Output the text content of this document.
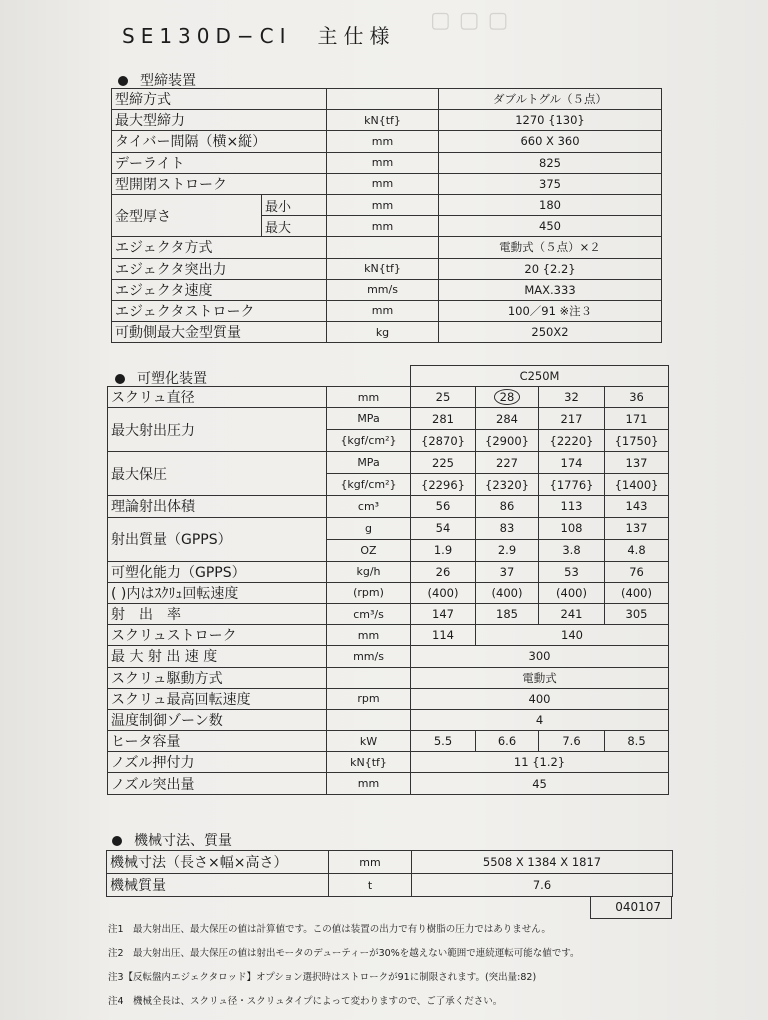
▢▢▢
SE130D−CI　主仕様
型締装置
型締方式			ダブルトグル（５点）
最大型締力		kN{tf}	1270 {130}
タイバー間隔（横×縦）		mm	660 X 360
デーライト		mm	825
型開閉ストローク		mm	375
金型厚さ	最小	mm	180
	最大	mm	450
エジェクタ方式			電動式（５点）×２
エジェクタ突出力		kN{tf}	20 {2.2}
エジェクタ速度		mm/s	MAX.333
エジェクタストローク		mm	100／91 ※注３
可動側最大金型質量		kg	250X2
可塑化装置
		C250M			
スクリュ直径	mm	25	28	32	36
最大射出圧力	MPa	281	284	217	171
	{kgf/cm²}	{2870}	{2900}	{2220}	{1750}
最大保圧	MPa	225	227	174	137
	{kgf/cm²}	{2296}	{2320}	{1776}	{1400}
理論射出体積	cm³	56	86	113	143
射出質量（GPPS）	g	54	83	108	137
	OZ	1.9	2.9	3.8	4.8
可塑化能力（GPPS）	kg/h	26	37	53	76
( )内はｽｸﾘｭ回転速度	(rpm)	(400)	(400)	(400)	(400)
射　出　率	cm³/s	147	185	241	305
スクリュストローク	mm	114	140		
最 大 射 出 速 度	mm/s	300			
スクリュ駆動方式		電動式			
スクリュ最高回転速度	rpm	400			
温度制御ゾーン数		4			
ヒータ容量	kW	5.5	6.6	7.6	8.5
ノズル押付力	kN{tf}	11 {1.2}			
ノズル突出量	mm	45			
機械寸法、質量
機械寸法（長さ×幅×高さ）	mm	5508 X 1384 X 1817
機械質量	t	7.6
040107
注1　最大射出圧、最大保圧の値は計算値です。この値は装置の出力で有り樹脂の圧力ではありません。
注2　最大射出圧、最大保圧の値は射出モータのデューティーが30%を越えない範囲で連続運転可能な値です。
注3【反転盤内エジェクタロッド】オプション選択時はストロークが91に制限されます。(突出量:82)
注4　機械全長は、スクリュ径・スクリュタイプによって変わりますので、ご了承ください。
